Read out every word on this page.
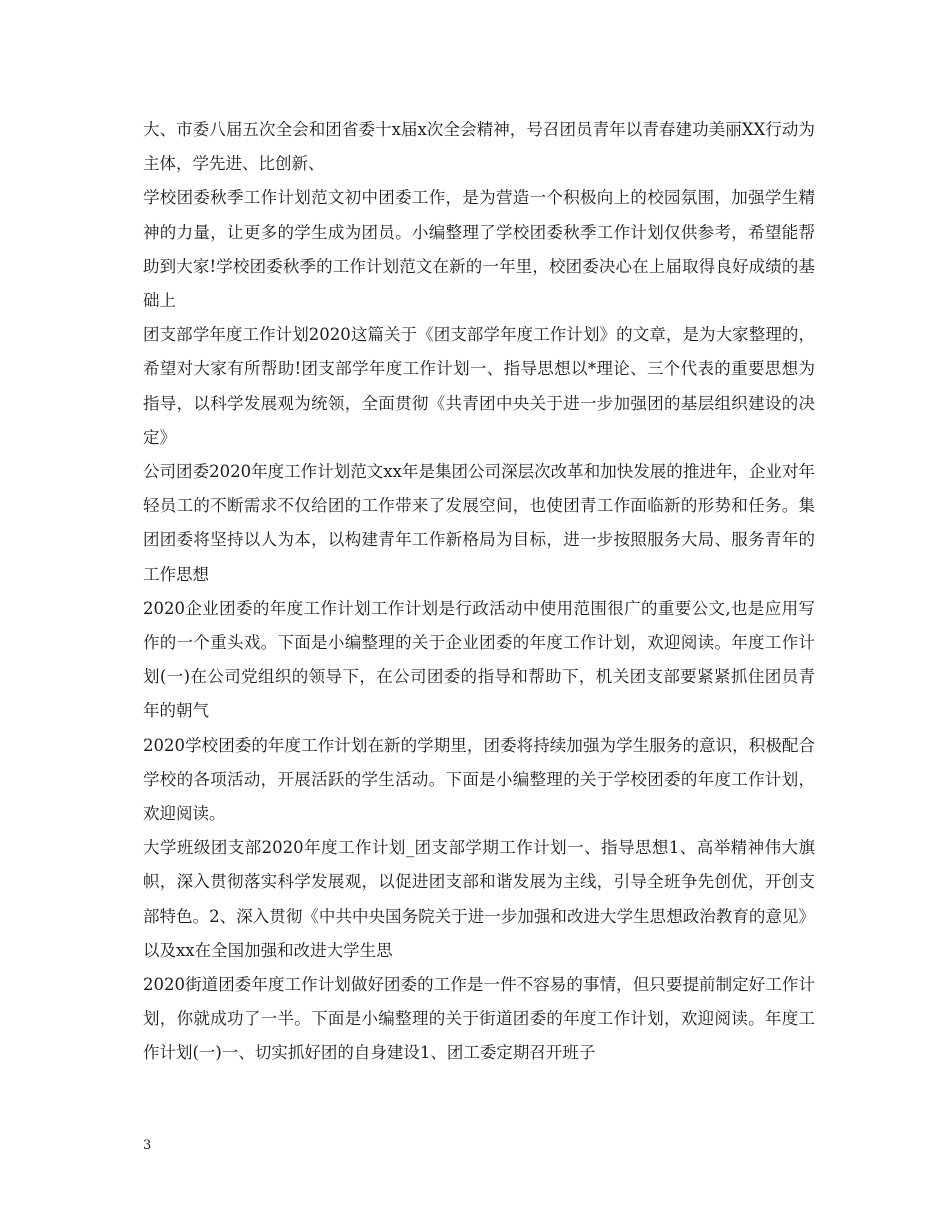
大、市委八届五次全会和团省委十x届x次全会精神，号召团员青年以青春建功美丽XX行动为主体，学先进、比创新、

学校团委秋季工作计划范文初中团委工作，是为营造一个积极向上的校园氛围，加强学生精神的力量，让更多的学生成为团员。小编整理了学校团委秋季工作计划仅供参考，希望能帮助到大家!学校团委秋季的工作计划范文在新的一年里，校团委决心在上届取得良好成绩的基础上

团支部学年度工作计划2020这篇关于《团支部学年度工作计划》的文章，是为大家整理的，希望对大家有所帮助!团支部学年度工作计划一、指导思想以*理论、三个代表的重要思想为指导，以科学发展观为统领，全面贯彻《共青团中央关于进一步加强团的基层组织建设的决定》

公司团委2020年度工作计划范文xx年是集团公司深层次改革和加快发展的推进年，企业对年轻员工的不断需求不仅给团的工作带来了发展空间，也使团青工作面临新的形势和任务。集团团委将坚持以人为本，以构建青年工作新格局为目标，进一步按照服务大局、服务青年的工作思想

2020企业团委的年度工作计划工作计划是行政活动中使用范围很广的重要公文,也是应用写作的一个重头戏。下面是小编整理的关于企业团委的年度工作计划，欢迎阅读。年度工作计划(一)在公司党组织的领导下，在公司团委的指导和帮助下，机关团支部要紧紧抓住团员青年的朝气

2020学校团委的年度工作计划在新的学期里，团委将持续加强为学生服务的意识，积极配合学校的各项活动，开展活跃的学生活动。下面是小编整理的关于学校团委的年度工作计划，欢迎阅读。

大学班级团支部2020年度工作计划_团支部学期工作计划一、指导思想1、高举精神伟大旗帜，深入贯彻落实科学发展观，以促进团支部和谐发展为主线，引导全班争先创优，开创支部特色。2、深入贯彻《中共中央国务院关于进一步加强和改进大学生思想政治教育的意见》以及xx在全国加强和改进大学生思

2020街道团委年度工作计划做好团委的工作是一件不容易的事情，但只要提前制定好工作计划，你就成功了一半。下面是小编整理的关于街道团委的年度工作计划，欢迎阅读。年度工作计划(一)一、切实抓好团的自身建设1、团工委定期召开班子

3
